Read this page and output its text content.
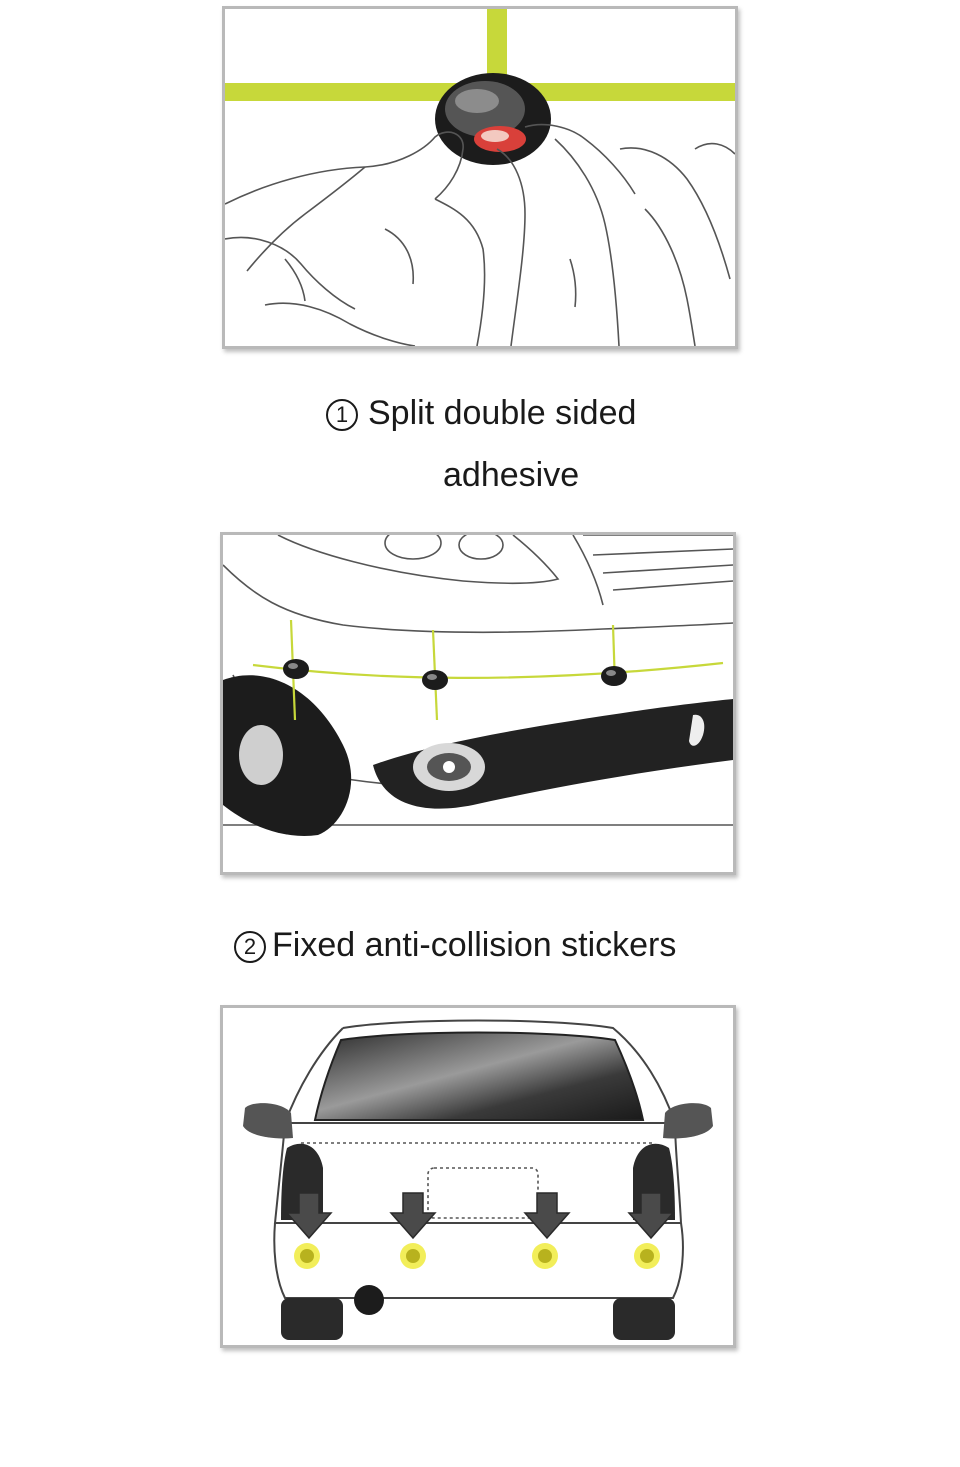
1 Split double sided
adhesive
2 Fixed anti-collision stickers
